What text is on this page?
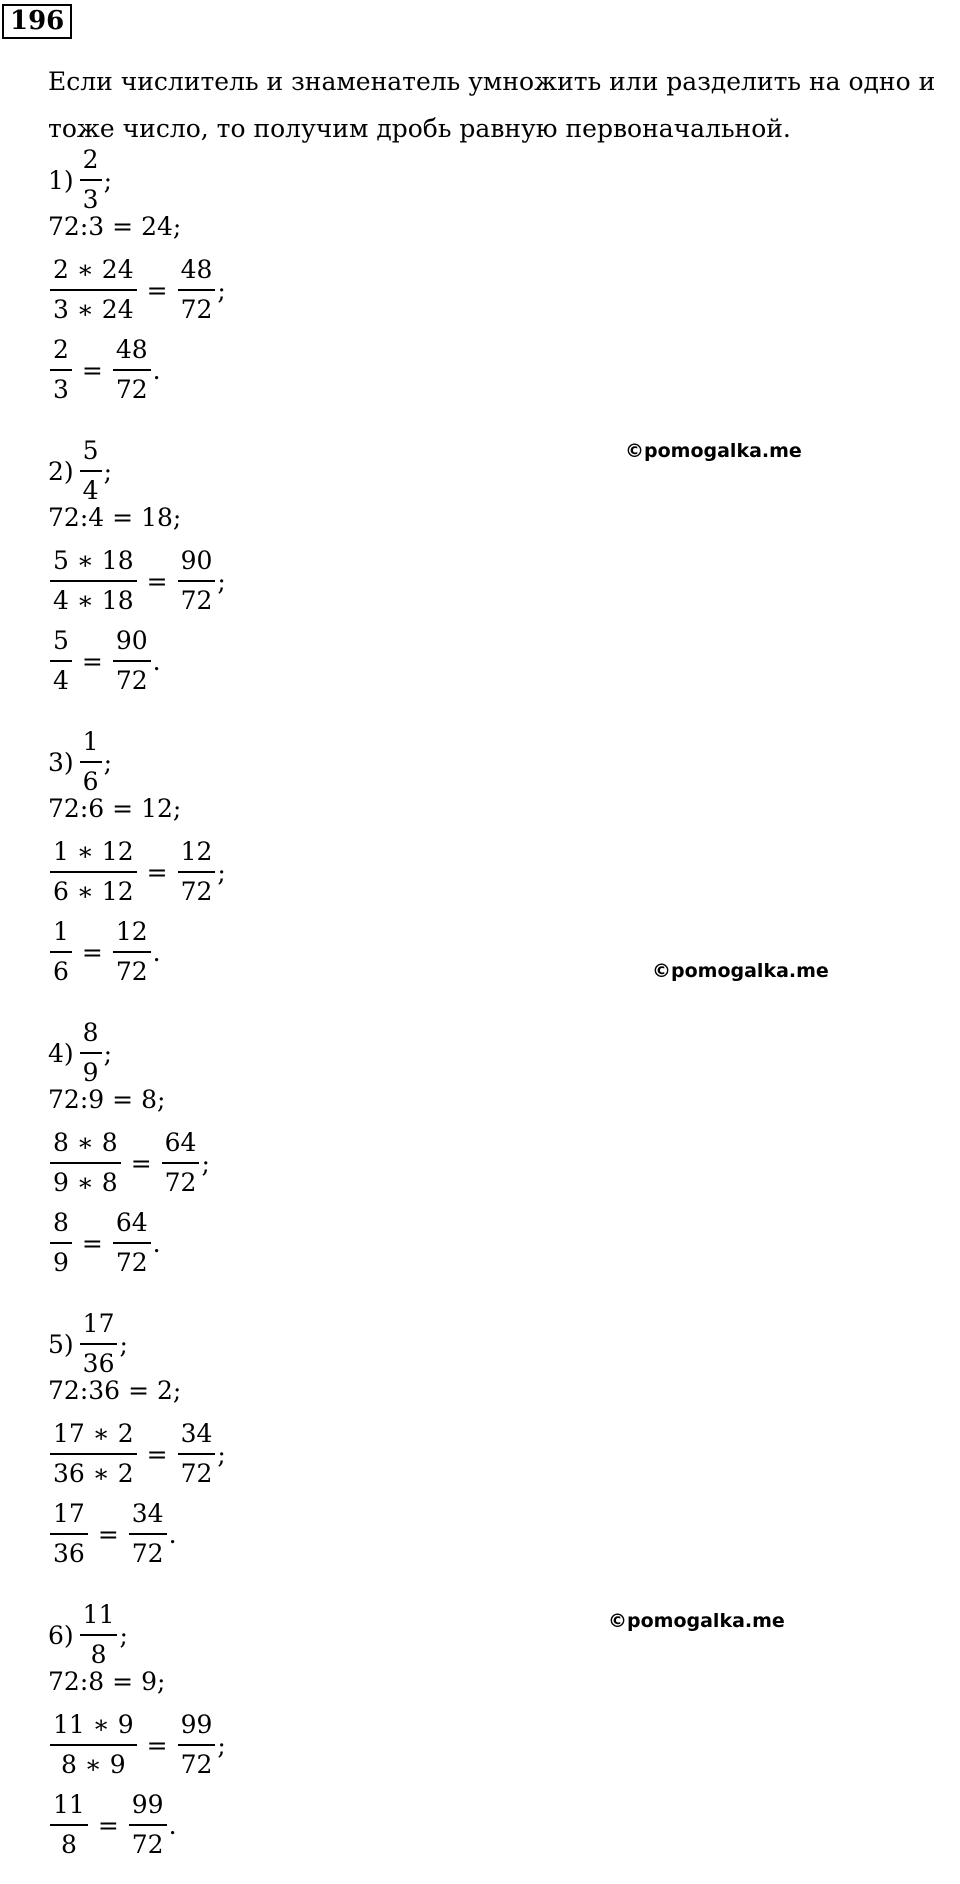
196

Если числитель и знаменатель умножить или разделить на одно и
тоже число, то получим дробь равную первоначальной.

$1) \frac{2}{3}$ ;
72 : 3 = 24 ;
$\frac{2 ∗ 24}{3 ∗ 24} = \frac{48}{72}$ ;
$\frac{2}{3} = \frac{48}{72}$ .
$2) \frac{5}{4}$ ;
72 : 4 = 18 ;
$\frac{5 ∗ 18}{4 ∗ 18} = \frac{90}{72}$ ;
$\frac{5}{4} = \frac{90}{72}$ .
$3) \frac{1}{6}$ ;
72 : 6 = 12 ;
$\frac{1 ∗ 12}{6 ∗ 12} = \frac{12}{72}$ ;
$\frac{1}{6} = \frac{12}{72}$ .
$4) \frac{8}{9}$ ;
72 : 9 = 8 ;
$\frac{8 ∗ 8}{9 ∗ 8} = \frac{64}{72}$ ;
$\frac{8}{9} = \frac{64}{72}$ .
$5) \frac{17}{36}$ ;
72 : 36 = 2 ;
$\frac{17 ∗ 2}{36 ∗ 2} = \frac{34}{72}$ ;
$\frac{17}{36} = \frac{34}{72}$ .
$6) \frac{11}{8}$ ;
72 : 8 = 9 ;
$\frac{11 ∗ 9}{8 ∗ 9} = \frac{99}{72}$ ;
$\frac{11}{8} = \frac{99}{72}$ .
©pomogalka.me
©pomogalka.me
©pomogalka.me
